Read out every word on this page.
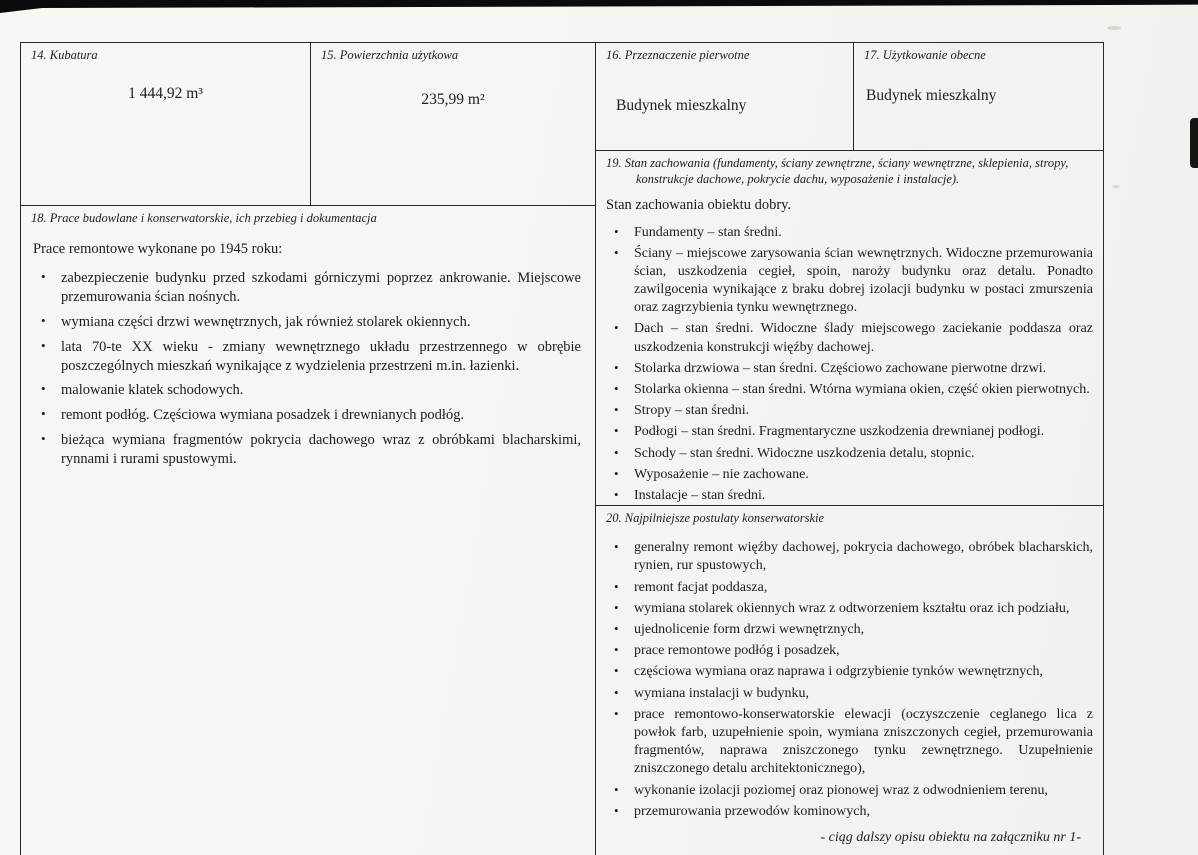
14. Kubatura
1 444,92 m³
15. Powierzchnia użytkowa
235,99 m²
16. Przeznaczenie pierwotne
Budynek mieszkalny
17. Użytkowanie obecne
Budynek mieszkalny
18. Prace budowlane i konserwatorskie, ich przebieg i dokumentacja

Prace remontowe wykonane po 1945 roku:

• zabezpieczenie budynku przed szkodami górniczymi poprzez ankrowanie. Miejscowe przemurowania ścian nośnych.
• wymiana części drzwi wewnętrznych, jak również stolarek okiennych.
• lata 70-te XX wieku - zmiany wewnętrznego układu przestrzennego w obrębie poszczególnych mieszkań wynikające z wydzielenia przestrzeni m.in. łazienki.
• malowanie klatek schodowych.
• remont podłóg. Częściowa wymiana posadzek i drewnianych podłóg.
• bieżąca wymiana fragmentów pokrycia dachowego wraz z obróbkami blacharskimi, rynnami i rurami spustowymi.
19. Stan zachowania (fundamenty, ściany zewnętrzne, ściany wewnętrzne, sklepienia, stropy, konstrukcje dachowe, pokrycie dachu, wyposażenie i instalacje).

Stan zachowania obiektu dobry.

• Fundamenty – stan średni.
• Ściany – miejscowe zarysowania ścian wewnętrznych. Widoczne przemurowania ścian, uszkodzenia cegieł, spoin, naroży budynku oraz detalu. Ponadto zawilgocenia wynikające z braku dobrej izolacji budynku w postaci zmurszenia oraz zagrzybienia tynku wewnętrznego.
• Dach – stan średni. Widoczne ślady miejscowego zaciekanie poddasza oraz uszkodzenia konstrukcji więźby dachowej.
• Stolarka drzwiowa – stan średni. Częściowo zachowane pierwotne drzwi.
• Stolarka okienna – stan średni. Wtórna wymiana okien, część okien pierwotnych.
• Stropy – stan średni.
• Podłogi – stan średni. Fragmentaryczne uszkodzenia drewnianej podłogi.
• Schody – stan średni. Widoczne uszkodzenia detalu, stopnic.
• Wyposażenie – nie zachowane.
• Instalacje – stan średni.
20. Najpilniejsze postulaty konserwatorskie
• generalny remont więźby dachowej, pokrycia dachowego, obróbek blacharskich, rynien, rur spustowych,
• remont facjat poddasza,
• wymiana stolarek okiennych wraz z odtworzeniem kształtu oraz ich podziału,
• ujednolicenie form drzwi wewnętrznych,
• prace remontowe podłóg i posadzek,
• częściowa wymiana oraz naprawa i odgrzybienie tynków wewnętrznych,
• wymiana instalacji w budynku,
• prace remontowo-konserwatorskie elewacji (oczyszczenie ceglanego lica z powłok farb, uzupełnienie spoin, wymiana zniszczonych cegieł, przemurowania fragmentów, naprawa zniszczonego tynku zewnętrznego. Uzupełnienie zniszczonego detalu architektonicznego),
• wykonanie izolacji poziomej oraz pionowej wraz z odwodnieniem terenu,
• przemurowania przewodów kominowych,
- ciąg dalszy opisu obiektu na załączniku nr 1-
